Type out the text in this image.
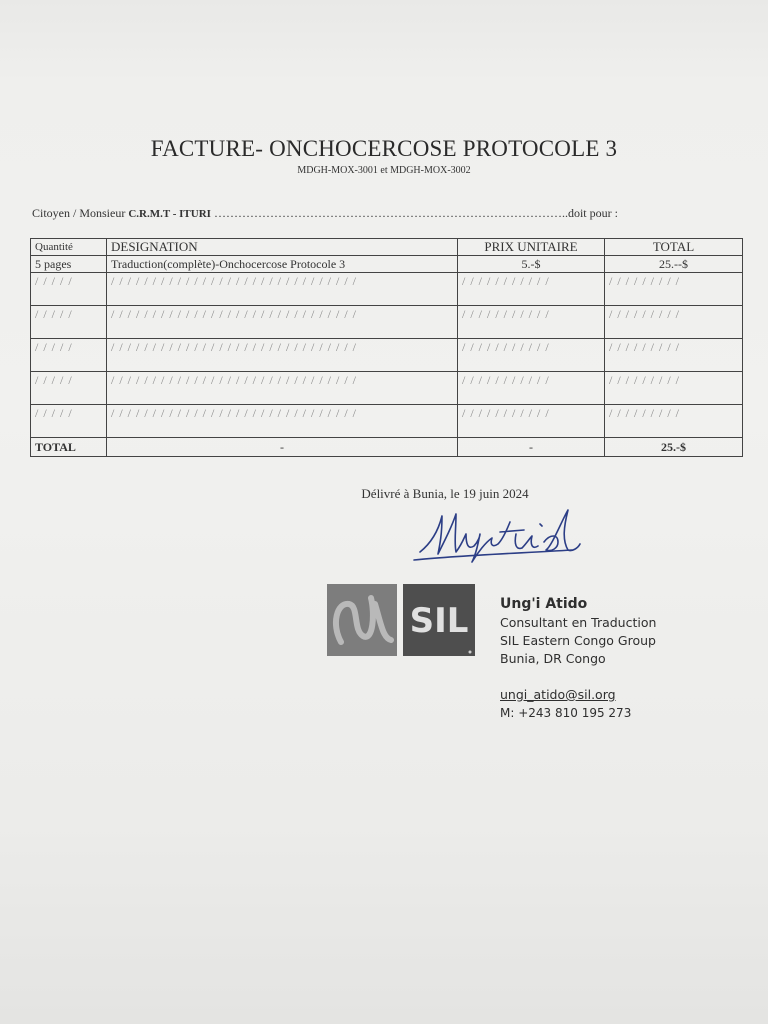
FACTURE- ONCHOCERCOSE PROTOCOLE 3
MDGH-MOX-3001 et MDGH-MOX-3002
Citoyen / Monsieur C.R.M.T - ITURI ……………………………………………………………………………..doit pour :
Quantité	DESIGNATION	PRIX UNITAIRE	TOTAL
5 pages	Traduction(complète)-Onchocercose Protocole 3	5.-$	25.--$
/ / / / /	/ / / / / / / / / / / / / / / / / / / / / / / / / / / / / /	/ / / / / / / / / / /	/ / / / / / / / /
/ / / / /	/ / / / / / / / / / / / / / / / / / / / / / / / / / / / / /	/ / / / / / / / / / /	/ / / / / / / / /
/ / / / /	/ / / / / / / / / / / / / / / / / / / / / / / / / / / / / /	/ / / / / / / / / / /	/ / / / / / / / /
/ / / / /	/ / / / / / / / / / / / / / / / / / / / / / / / / / / / / /	/ / / / / / / / / / /	/ / / / / / / / /
/ / / / /	/ / / / / / / / / / / / / / / / / / / / / / / / / / / / / /	/ / / / / / / / / / /	/ / / / / / / / /
TOTAL	-	-	25.-$
Délivré à Bunia, le 19 juin 2024
SIL Ung'i Atido
Consultant en Traduction
SIL Eastern Congo Group
Bunia, DR Congo
ungi_atido@sil.org
M: +243 810 195 273
